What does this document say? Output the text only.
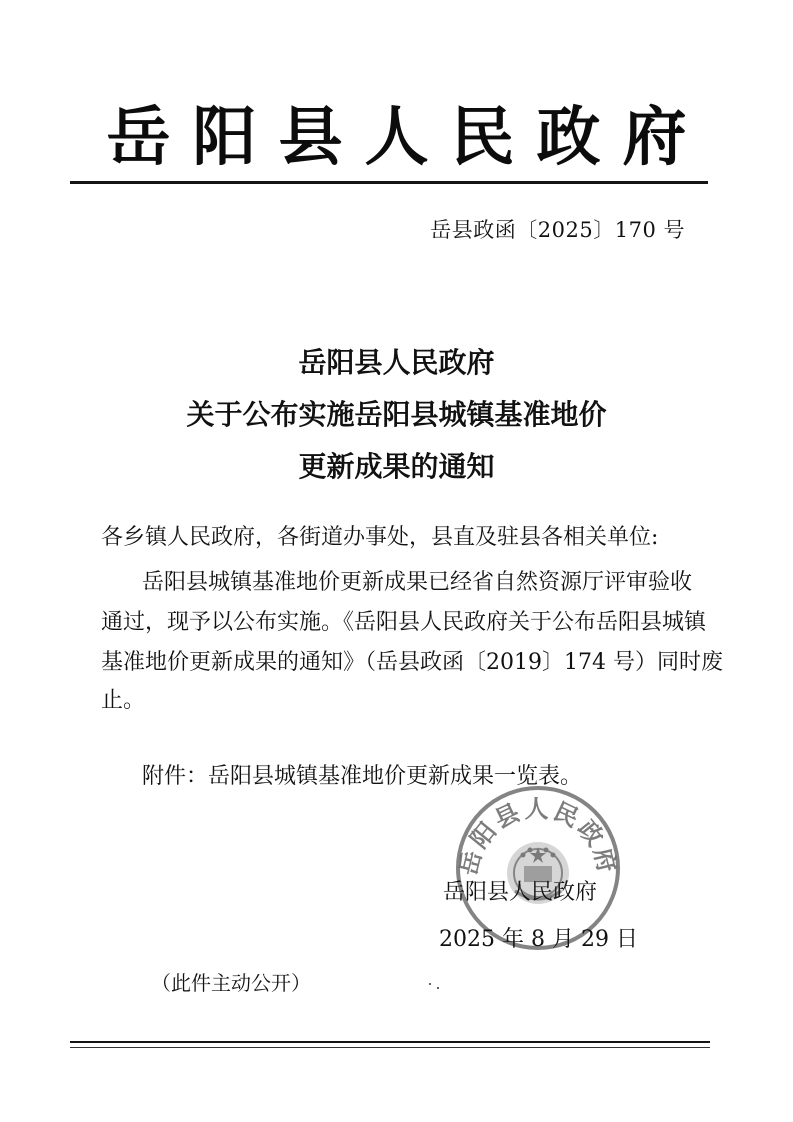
岳阳县人民政府
岳县政函〔2025〕170 号
岳阳县人民政府
关于公布实施岳阳县城镇基准地价
更新成果的通知
各乡镇人民政府，各街道办事处，县直及驻县各相关单位:
岳阳县城镇基准地价更新成果已经省自然资源厅评审验收
通过，现予以公布实施。《岳阳县人民政府关于公布岳阳县城镇
基准地价更新成果的通知》（岳县政函〔2019〕174 号）同时废
止。
附件：岳阳县城镇基准地价更新成果一览表。
岳阳县人民政府
岳阳县人民政府
2025 年 8 月 29 日
（此件主动公开）
